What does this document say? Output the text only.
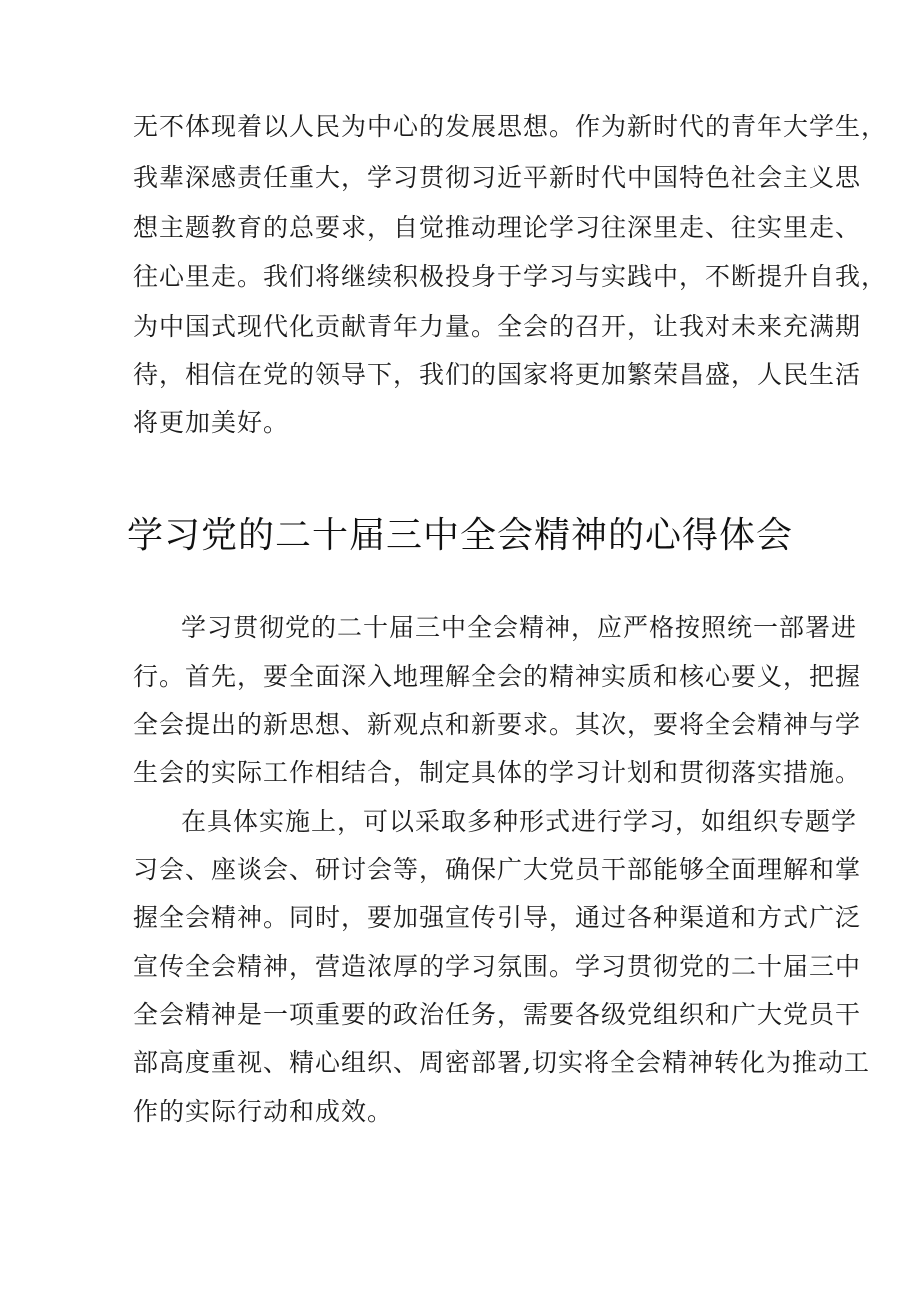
无不体现着以人民为中心的发展思想。作为新时代的青年大学生，

我辈深感责任重大，学习贯彻习近平新时代中国特色社会主义思

想主题教育的总要求，自觉推动理论学习往深里走、往实里走、

往心里走。我们将继续积极投身于学习与实践中，不断提升自我，

为中国式现代化贡献青年力量。全会的召开，让我对未来充满期

待，相信在党的领导下，我们的国家将更加繁荣昌盛，人民生活

将更加美好。

学习党的二十届三中全会精神的心得体会

学习贯彻党的二十届三中全会精神，应严格按照统一部署进

行。首先，要全面深入地理解全会的精神实质和核心要义，把握

全会提出的新思想、新观点和新要求。其次，要将全会精神与学

生会的实际工作相结合，制定具体的学习计划和贯彻落实措施。

在具体实施上，可以采取多种形式进行学习，如组织专题学

习会、座谈会、研讨会等，确保广大党员干部能够全面理解和掌

握全会精神。同时，要加强宣传引导，通过各种渠道和方式广泛

宣传全会精神，营造浓厚的学习氛围。学习贯彻党的二十届三中

全会精神是一项重要的政治任务，需要各级党组织和广大党员干

部高度重视、精心组织、周密部署,切实将全会精神转化为推动工

作的实际行动和成效。
